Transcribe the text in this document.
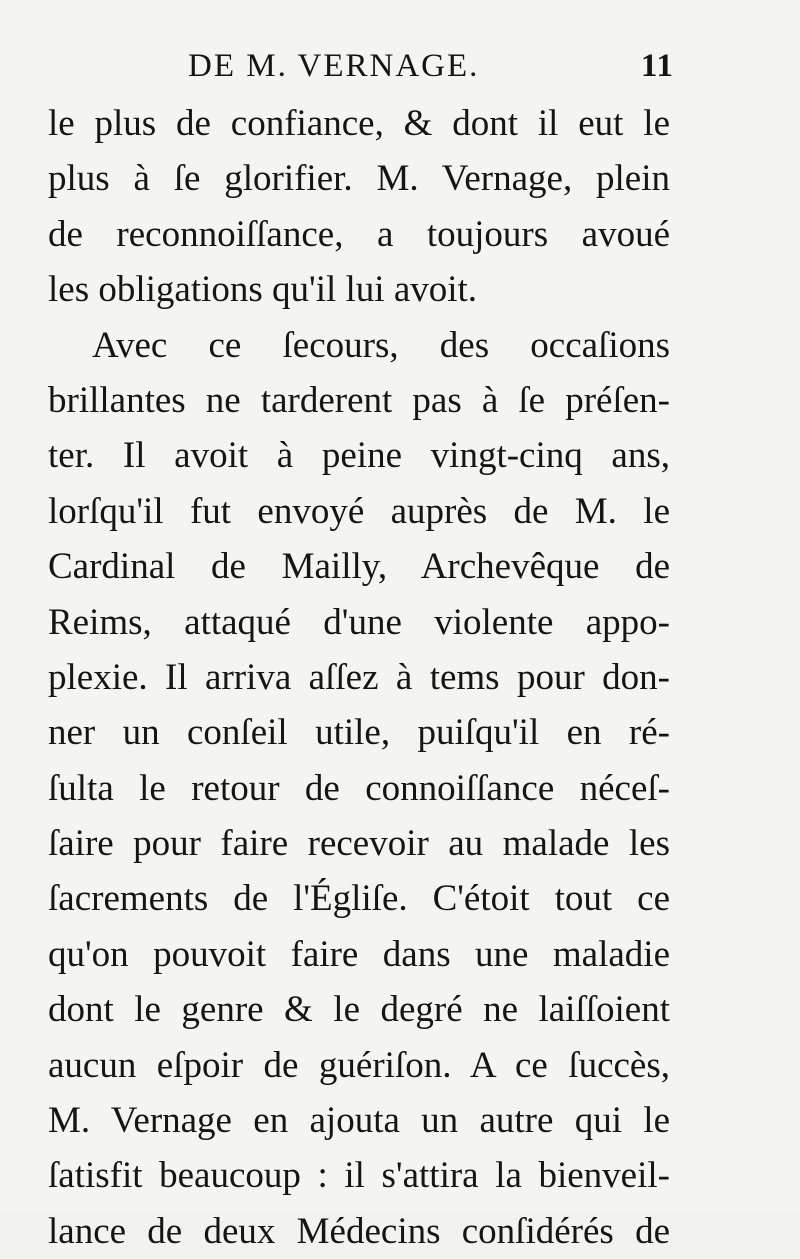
DE M. VERNAGE.	11
le plus de confiance, & dont il eut le
plus à ſe glorifier. M. Vernage, plein
de reconnoiſſance, a toujours avoué
les obligations qu'il lui avoit.
Avec ce ſecours, des occaſions
brillantes ne tarderent pas à ſe préſen-
ter. Il avoit à peine vingt-cinq ans,
lorſqu'il fut envoyé auprès de M. le
Cardinal de Mailly, Archevêque de
Reims, attaqué d'une violente appo-
plexie. Il arriva aſſez à tems pour don-
ner un conſeil utile, puiſqu'il en ré-
ſulta le retour de connoiſſance néceſ-
ſaire pour faire recevoir au malade les
ſacrements de l'Égliſe. C'étoit tout ce
qu'on pouvoit faire dans une maladie
dont le genre & le degré ne laiſſoient
aucun eſpoir de guériſon. A ce ſuccès,
M. Vernage en ajouta un autre qui le
ſatisfit beaucoup : il s'attira la bienveil-
lance de deux Médecins conſidérés de
